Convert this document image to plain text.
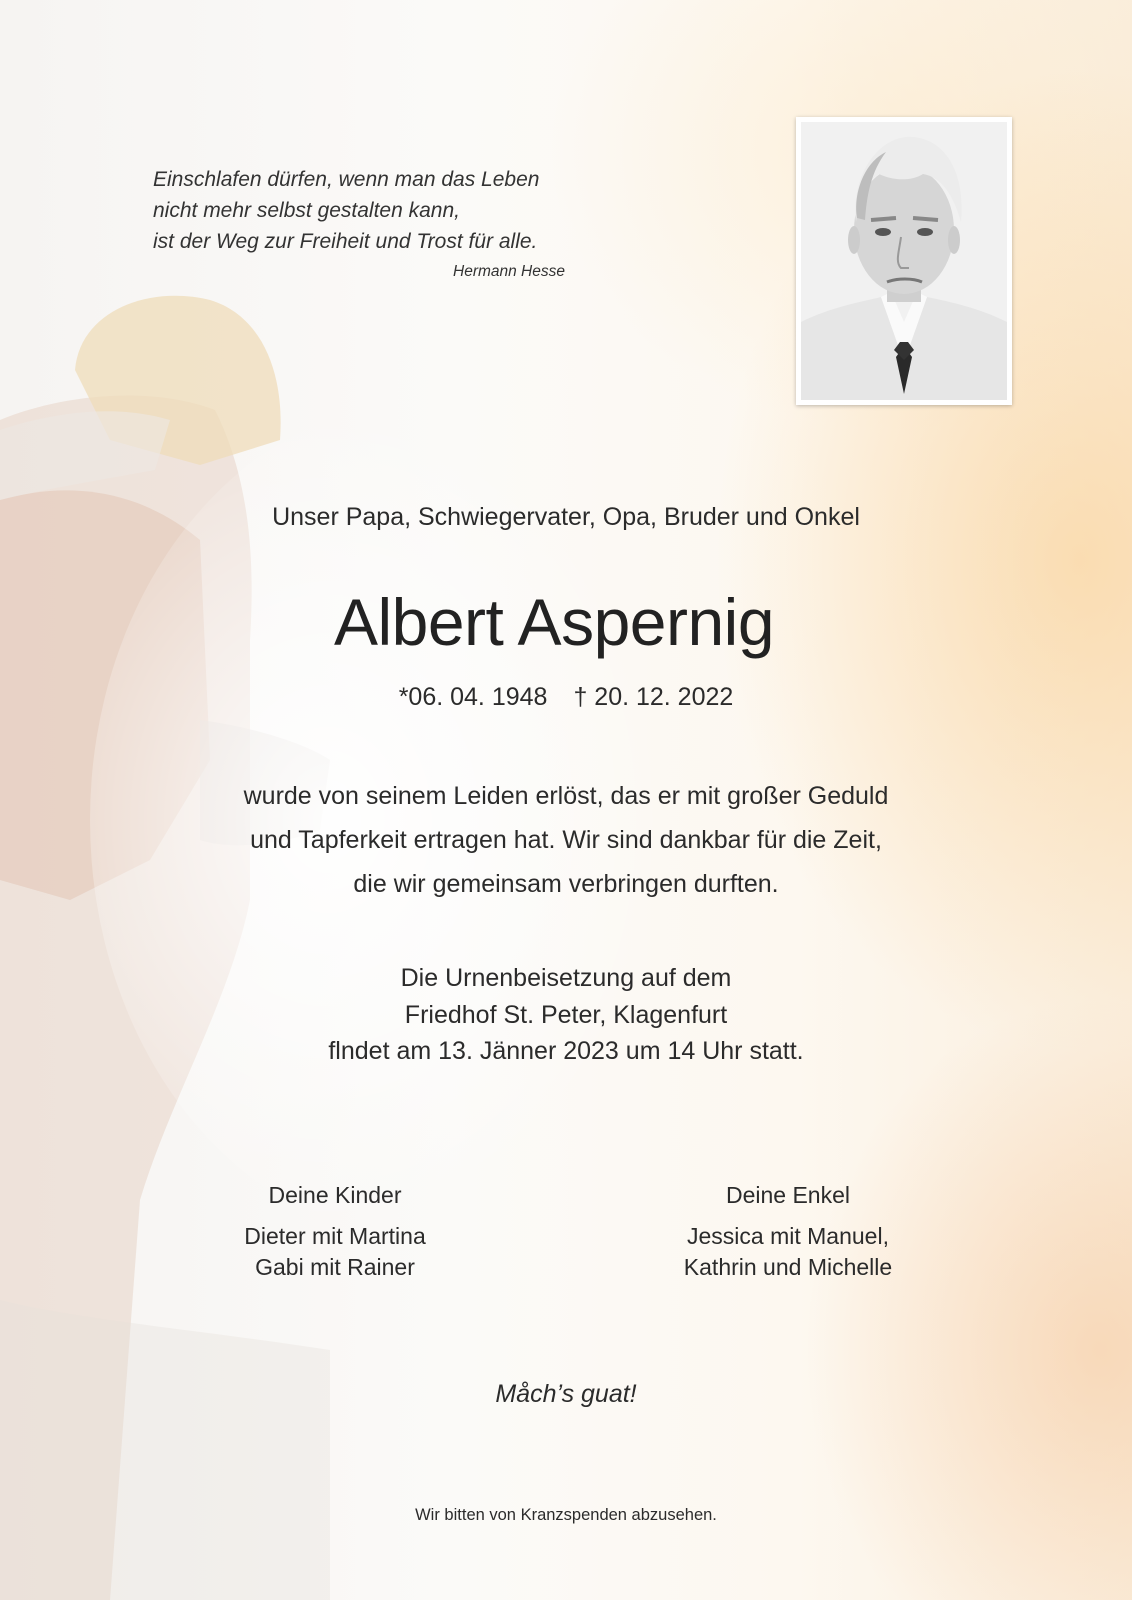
Einschlafen dürfen, wenn man das Leben
nicht mehr selbst gestalten kann,
ist der Weg zur Freiheit und Trost für alle.
Hermann Hesse
Unser Papa, Schwiegervater, Opa, Bruder und Onkel
Albert Aspernig
*06. 04. 1948 † 20. 12. 2022
wurde von seinem Leiden erlöst, das er mit großer Geduld
und Tapferkeit ertragen hat. Wir sind dankbar für die Zeit,
die wir gemeinsam verbringen durften.
Die Urnenbeisetzung auf dem
Friedhof St. Peter, Klagenfurt
flndet am 13. Jänner 2023 um 14 Uhr statt.
Deine Kinder
Dieter mit Martina
Gabi mit Rainer
Deine Enkel
Jessica mit Manuel,
Kathrin und Michelle
Måch’s guat!
Wir bitten von Kranzspenden abzusehen.
